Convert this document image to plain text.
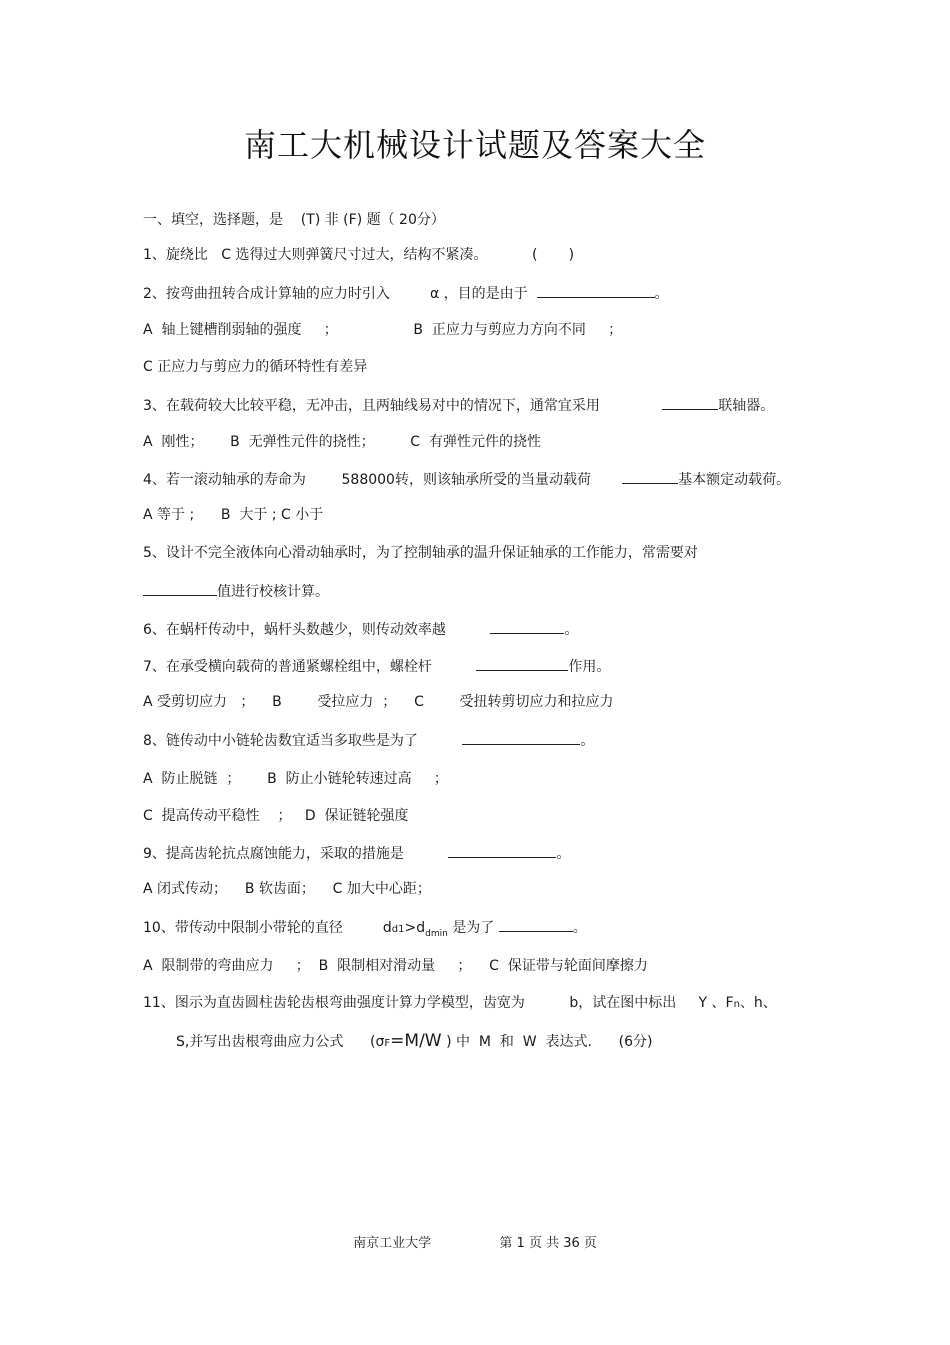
南工大机械设计试题及答案大全
一、填空，选择题，是    (T) 非 (F) 题（ 20分）
1、旋绕比   C 选得过大则弹簧尺寸过大，结构不紧凑。          (       )
2、按弯曲扭转合成计算轴的应力时引入         α ，目的是由于	。
A  轴上键槽削弱轴的强度     ；                 B  正应力与剪应力方向不同     ；
C 正应力与剪应力的循环特性有差异
3、在载荷较大比较平稳，无冲击，且两轴线易对中的情况下，通常宜采用	联轴器。
A  刚性；      B  无弹性元件的挠性；        C  有弹性元件的挠性
4、若一滚动轴承的寿命为        588000转，则该轴承所受的当量动载荷	基本额定动载荷。
A 等于 ;      B  大于 ; C 小于
5、设计不完全液体向心滑动轴承时，为了控制轴承的温升保证轴承的工作能力，常需要对
值进行校核计算。
6、在蜗杆传动中，蜗杆头数越少，则传动效率越	。
7、在承受横向载荷的普通紧螺栓组中，螺栓杆	作用。
A 受剪切应力   ；    B        受拉应力  ；    C        受扭转剪切应力和拉应力
8、链传动中小链轮齿数宜适当多取些是为了	。
A  防止脱链  ；      B  防止小链轮转速过高     ；
C  提高传动平稳性    ；   D  保证链轮强度
9、提高齿轮抗点腐蚀能力，采取的措施是	。
A 闭式传动；    B 软齿面；    C 加大中心距；
10、带传动中限制小带轮的直径	$dd1>d_{dmin}$ 是为了	。
A  限制带的弯曲应力     ；  B  限制相对滑动量     ；    C  保证带与轮面间摩擦力
11、图示为直齿圆柱齿轮齿根弯曲强度计算力学模型，齿宽为	b，试在图中标出 Y 、Fn、h、
S,并写出齿根弯曲应力公式 (σF=M/W ) 中  M  和  W  表达式. (6分)
南京工业大学	第 1 页 共 36 页
